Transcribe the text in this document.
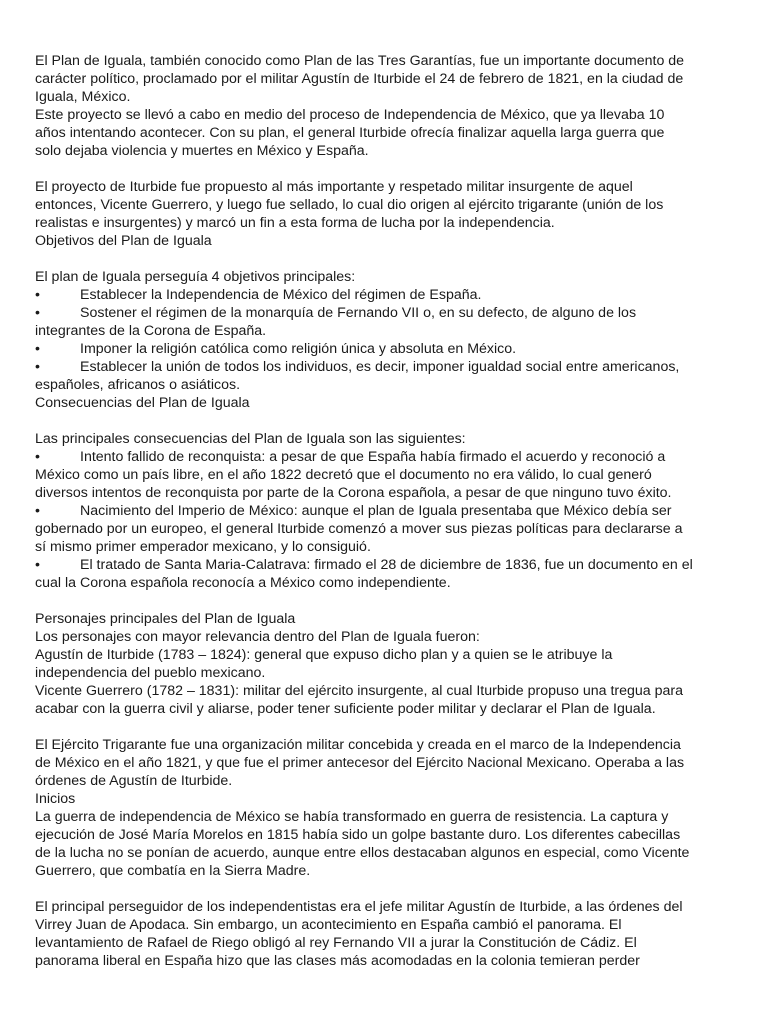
El Plan de Iguala, también conocido como Plan de las Tres Garantías, fue un importante documento de
carácter político, proclamado por el militar Agustín de Iturbide el 24 de febrero de 1821, en la ciudad de
Iguala, México.
Este proyecto se llevó a cabo en medio del proceso de Independencia de México, que ya llevaba 10
años intentando acontecer. Con su plan, el general Iturbide ofrecía finalizar aquella larga guerra que
solo dejaba violencia y muertes en México y España.
El proyecto de Iturbide fue propuesto al más importante y respetado militar insurgente de aquel
entonces, Vicente Guerrero, y luego fue sellado, lo cual dio origen al ejército trigarante (unión de los
realistas e insurgentes) y marcó un fin a esta forma de lucha por la independencia.
Objetivos del Plan de Iguala
El plan de Iguala perseguía 4 objetivos principales:
•	Establecer la Independencia de México del régimen de España.
•	Sostener el régimen de la monarquía de Fernando VII o, en su defecto, de alguno de los
integrantes de la Corona de España.
•	Imponer la religión católica como religión única y absoluta en México.
•	Establecer la unión de todos los individuos, es decir, imponer igualdad social entre americanos,
españoles, africanos o asiáticos.
Consecuencias del Plan de Iguala
Las principales consecuencias del Plan de Iguala son las siguientes:
•	Intento fallido de reconquista: a pesar de que España había firmado el acuerdo y reconoció a
México como un país libre, en el año 1822 decretó que el documento no era válido, lo cual generó
diversos intentos de reconquista por parte de la Corona española, a pesar de que ninguno tuvo éxito.
•	Nacimiento del Imperio de México: aunque el plan de Iguala presentaba que México debía ser
gobernado por un europeo, el general Iturbide comenzó a mover sus piezas políticas para declararse a
sí mismo primer emperador mexicano, y lo consiguió.
•	El tratado de Santa Maria-Calatrava: firmado el 28 de diciembre de 1836, fue un documento en el
cual la Corona española reconocía a México como independiente.
Personajes principales del Plan de Iguala
Los personajes con mayor relevancia dentro del Plan de Iguala fueron:
Agustín de Iturbide (1783 – 1824): general que expuso dicho plan y a quien se le atribuye la
independencia del pueblo mexicano.
Vicente Guerrero (1782 – 1831): militar del ejército insurgente, al cual Iturbide propuso una tregua para
acabar con la guerra civil y aliarse, poder tener suficiente poder militar y declarar el Plan de Iguala.
El Ejército Trigarante fue una organización militar concebida y creada en el marco de la Independencia
de México en el año 1821, y que fue el primer antecesor del Ejército Nacional Mexicano. Operaba a las
órdenes de Agustín de Iturbide.
Inicios
La guerra de independencia de México se había transformado en guerra de resistencia. La captura y
ejecución de José María Morelos en 1815 había sido un golpe bastante duro. Los diferentes cabecillas
de la lucha no se ponían de acuerdo, aunque entre ellos destacaban algunos en especial, como Vicente
Guerrero, que combatía en la Sierra Madre.
El principal perseguidor de los independentistas era el jefe militar Agustín de Iturbide, a las órdenes del
Virrey Juan de Apodaca. Sin embargo, un acontecimiento en España cambió el panorama. El
levantamiento de Rafael de Riego obligó al rey Fernando VII a jurar la Constitución de Cádiz. El
panorama liberal en España hizo que las clases más acomodadas en la colonia temieran perder
